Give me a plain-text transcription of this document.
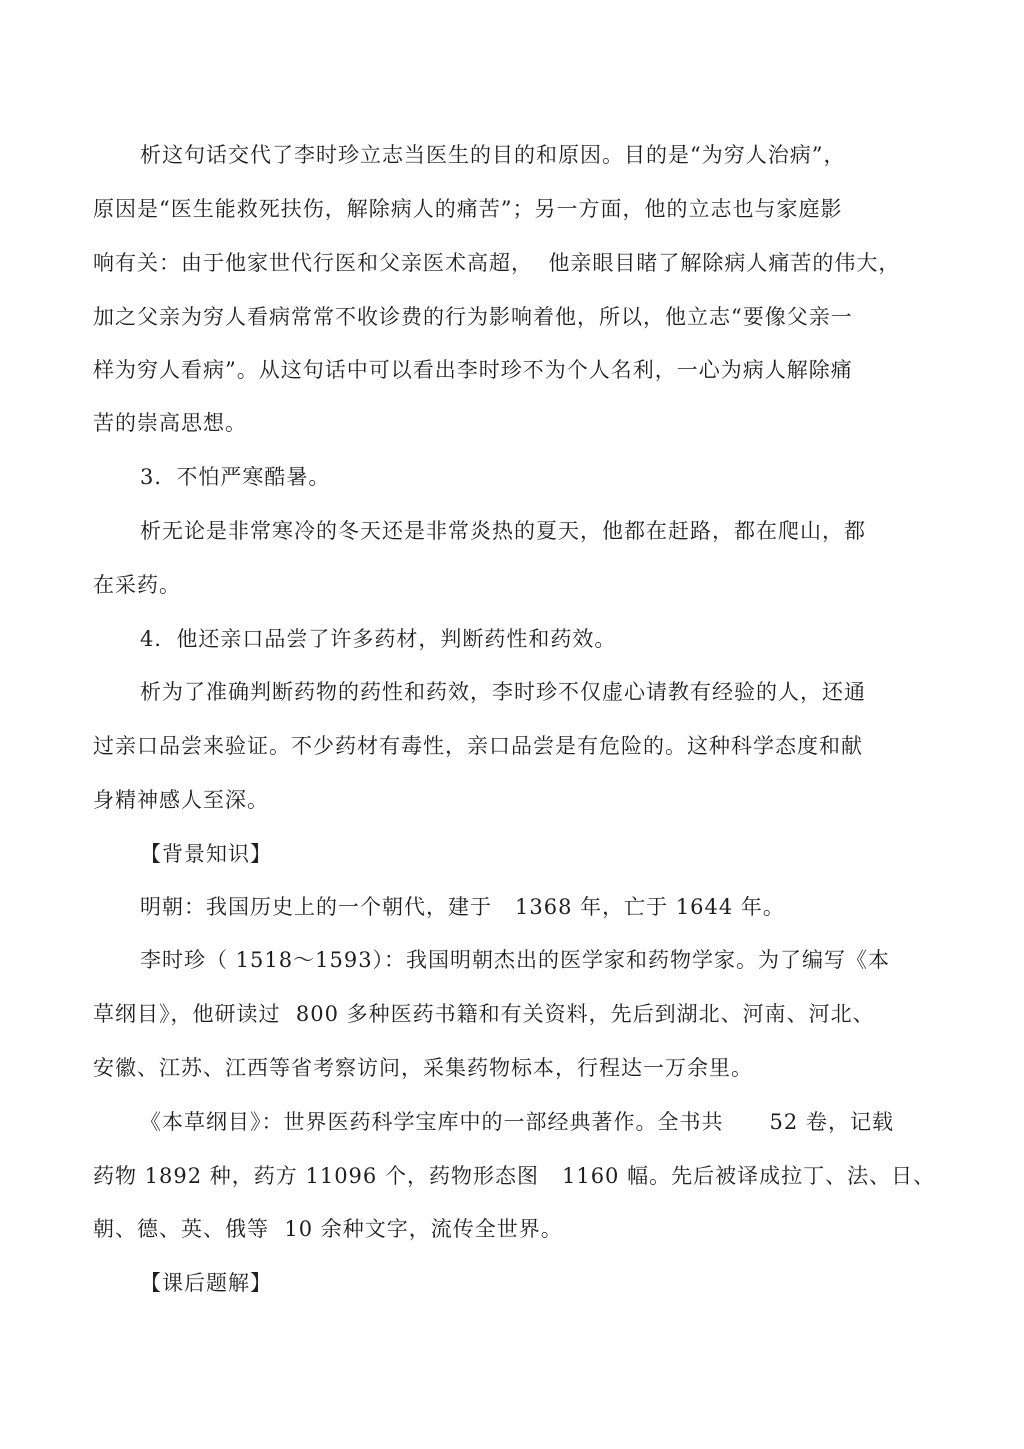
析这句话交代了李时珍立志当医生的目的和原因。目的是“为穷人治病”，
原因是“医生能救死扶伤，解除病人的痛苦”；另一方面，他的立志也与家庭影
响有关：由于他家世代行医和父亲医术高超，  他亲眼目睹了解除病人痛苦的伟大，
加之父亲为穷人看病常常不收诊费的行为影响着他，所以，他立志“要像父亲一
样为穷人看病”。从这句话中可以看出李时珍不为个人名利，一心为病人解除痛
苦的崇高思想。
3．不怕严寒酷暑。
析无论是非常寒冷的冬天还是非常炎热的夏天，他都在赶路，都在爬山，都
在采药。
4．他还亲口品尝了许多药材，判断药性和药效。
析为了准确判断药物的药性和药效，李时珍不仅虚心请教有经验的人，还通
过亲口品尝来验证。不少药材有毒性，亲口品尝是有危险的。这种科学态度和献
身精神感人至深。
【背景知识】
明朝：我国历史上的一个朝代，建于   1368 年，亡于 1644 年。
李时珍（ 1518～1593）：我国明朝杰出的医学家和药物学家。为了编写《本
草纲目》，他研读过  800 多种医药书籍和有关资料，先后到湖北、河南、河北、
安徽、江苏、江西等省考察访问，采集药物标本，行程达一万余里。
《本草纲目》：世界医药科学宝库中的一部经典著作。全书共      52 卷，记载
药物 1892 种，药方 11096 个，药物形态图   1160 幅。先后被译成拉丁、法、日、
朝、德、英、俄等  10 余种文字，流传全世界。
【课后题解】
